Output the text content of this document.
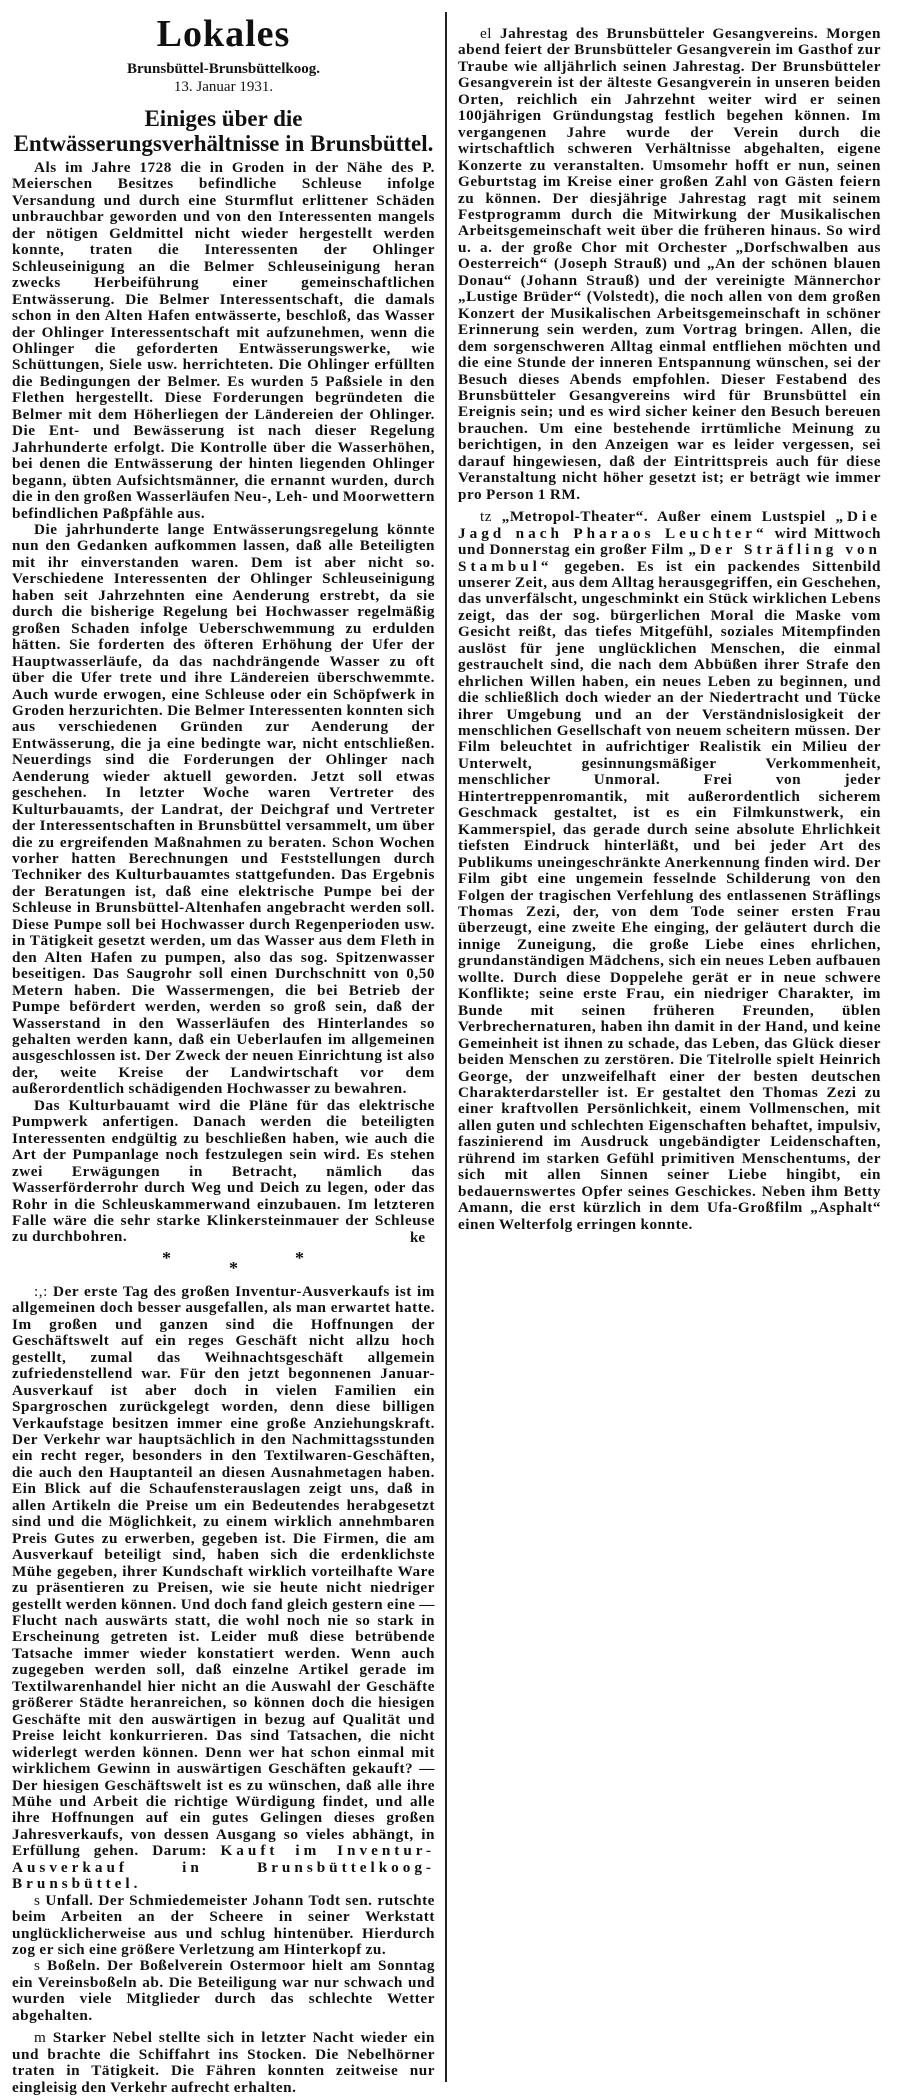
Lokales
Brunsbüttel-Brunsbüttelkoog.
13. Januar 1931.
Einiges über die Entwässerungsverhältnisse in Brunsbüttel.

Als im Jahre 1728 die in Groden in der Nähe des P. Meierschen Besitzes befindliche Schleuse infolge Versandung und durch eine Sturmflut erlittener Schäden unbrauchbar geworden und von den Interessenten mangels der nötigen Geldmittel nicht wieder hergestellt werden konnte, traten die Interessenten der Ohlinger Schleuseinigung an die Belmer Schleuseinigung heran zwecks Herbeiführung einer gemeinschaftlichen Entwässerung. Die Belmer Interessentschaft, die damals schon in den Alten Hafen entwässerte, beschloß, das Wasser der Ohlinger Interessentschaft mit aufzunehmen, wenn die Ohlinger die geforderten Entwässerungswerke, wie Schüttungen, Siele usw. herrichteten. Die Ohlinger erfüllten die Bedingungen der Belmer. Es wurden 5 Paßsiele in den Flethen hergestellt. Diese Forderungen begründeten die Belmer mit dem Höherliegen der Ländereien der Ohlinger. Die Ent- und Bewässerung ist nach dieser Regelung Jahrhunderte erfolgt. Die Kontrolle über die Wasserhöhen, bei denen die Entwässerung der hinten liegenden Ohlinger begann, übten Aufsichtsmänner, die ernannt wurden, durch die in den großen Wasserläufen Neu-, Leh- und Moorwettern befindlichen Paßpfähle aus.

Die jahrhunderte lange Entwässerungsregelung könnte nun den Gedanken aufkommen lassen, daß alle Beteiligten mit ihr einverstanden waren. Dem ist aber nicht so. Verschiedene Interessenten der Ohlinger Schleuseinigung haben seit Jahrzehnten eine Aenderung erstrebt, da sie durch die bisherige Regelung bei Hochwasser regelmäßig großen Schaden infolge Ueberschwemmung zu erdulden hätten. Sie forderten des öfteren Erhöhung der Ufer der Hauptwasserläufe, da das nachdrängende Wasser zu oft über die Ufer trete und ihre Ländereien überschwemmte. Auch wurde erwogen, eine Schleuse oder ein Schöpfwerk in Groden herzurichten. Die Belmer Interessenten konnten sich aus verschiedenen Gründen zur Aenderung der Entwässerung, die ja eine bedingte war, nicht entschließen. Neuerdings sind die Forderungen der Ohlinger nach Aenderung wieder aktuell geworden. Jetzt soll etwas geschehen. In letzter Woche waren Vertreter des Kulturbauamts, der Landrat, der Deichgraf und Vertreter der Interessentschaften in Brunsbüttel versammelt, um über die zu ergreifenden Maßnahmen zu beraten. Schon Wochen vorher hatten Berechnungen und Feststellungen durch Techniker des Kulturbauamtes stattgefunden. Das Ergebnis der Beratungen ist, daß eine elektrische Pumpe bei der Schleuse in Brunsbüttel-Altenhafen angebracht werden soll. Diese Pumpe soll bei Hochwasser durch Regenperioden usw. in Tätigkeit gesetzt werden, um das Wasser aus dem Fleth in den Alten Hafen zu pumpen, also das sog. Spitzenwasser beseitigen. Das Saugrohr soll einen Durchschnitt von 0,50 Metern haben. Die Wassermengen, die bei Betrieb der Pumpe befördert werden, werden so groß sein, daß der Wasserstand in den Wasserläufen des Hinterlandes so gehalten werden kann, daß ein Ueberlaufen im allgemeinen ausgeschlossen ist. Der Zweck der neuen Einrichtung ist also der, weite Kreise der Landwirtschaft vor dem außerordentlich schädigenden Hochwasser zu bewahren.

Das Kulturbauamt wird die Pläne für das elektrische Pumpwerk anfertigen. Danach werden die beteiligten Interessenten endgültig zu beschließen haben, wie auch die Art der Pumpanlage noch festzulegen sein wird. Es stehen zwei Erwägungen in Betracht, nämlich das Wasserförderrohr durch Weg und Deich zu legen, oder das Rohr in die Schleuskammerwand einzubauen. Im letzteren Falle wäre die sehr starke Klinkersteinmauer der Schleuse zu durchbohren.	ke
*	*	*

:,: Der erste Tag des großen Inventur-Ausverkaufs ist im allgemeinen doch besser ausgefallen, als man erwartet hatte. Im großen und ganzen sind die Hoffnungen der Geschäftswelt auf ein reges Geschäft nicht allzu hoch gestellt, zumal das Weihnachtsgeschäft allgemein zufriedenstellend war. Für den jetzt begonnenen Januar-Ausverkauf ist aber doch in vielen Familien ein Spargroschen zurückgelegt worden, denn diese billigen Verkaufstage besitzen immer eine große Anziehungskraft. Der Verkehr war hauptsächlich in den Nachmittagsstunden ein recht reger, besonders in den Textilwaren-Geschäften, die auch den Hauptanteil an diesen Ausnahmetagen haben. Ein Blick auf die Schaufensterauslagen zeigt uns, daß in allen Artikeln die Preise um ein Bedeutendes herabgesetzt sind und die Möglichkeit, zu einem wirklich annehmbaren Preis Gutes zu erwerben, gegeben ist. Die Firmen, die am Ausverkauf beteiligt sind, haben sich die erdenklichste Mühe gegeben, ihrer Kundschaft wirklich vorteilhafte Ware zu präsentieren zu Preisen, wie sie heute nicht niedriger gestellt werden können. Und doch fand gleich gestern eine — Flucht nach auswärts statt, die wohl noch nie so stark in Erscheinung getreten ist. Leider muß diese betrübende Tatsache immer wieder konstatiert werden. Wenn auch zugegeben werden soll, daß einzelne Artikel gerade im Textilwarenhandel hier nicht an die Auswahl der Geschäfte größerer Städte heranreichen, so können doch die hiesigen Geschäfte mit den auswärtigen in bezug auf Qualität und Preise leicht konkurrieren. Das sind Tatsachen, die nicht widerlegt werden können. Denn wer hat schon einmal mit wirklichem Gewinn in auswärtigen Geschäften gekauft? — Der hiesigen Geschäftswelt ist es zu wünschen, daß alle ihre Mühe und Arbeit die richtige Würdigung findet, und alle ihre Hoffnungen auf ein gutes Gelingen dieses großen Jahresverkaufs, von dessen Ausgang so vieles abhängt, in Erfüllung gehen. Darum: Kauft im Inventur-Ausverkauf in Brunsbüttelkoog-Brunsbüttel.

s Unfall. Der Schmiedemeister Johann Todt sen. rutschte beim Arbeiten an der Scheere in seiner Werkstatt unglücklicherweise aus und schlug hintenüber. Hierdurch zog er sich eine größere Verletzung am Hinterkopf zu.

s Boßeln. Der Boßelverein Ostermoor hielt am Sonntag ein Vereinsboßeln ab. Die Beteiligung war nur schwach und wurden viele Mitglieder durch das schlechte Wetter abgehalten.

m Starker Nebel stellte sich in letzter Nacht wieder ein und brachte die Schiffahrt ins Stocken. Die Nebelhörner traten in Tätigkeit. Die Fähren konnten zeitweise nur eingleisig den Verkehr aufrecht erhalten.

el Jahrestag des Brunsbütteler Gesangvereins. Morgen abend feiert der Brunsbütteler Gesangverein im Gasthof zur Traube wie alljährlich seinen Jahrestag. Der Brunsbütteler Gesangverein ist der älteste Gesangverein in unseren beiden Orten, reichlich ein Jahrzehnt weiter wird er seinen 100jährigen Gründungstag festlich begehen können. Im vergangenen Jahre wurde der Verein durch die wirtschaftlich schweren Verhältnisse abgehalten, eigene Konzerte zu veranstalten. Umsomehr hofft er nun, seinen Geburtstag im Kreise einer großen Zahl von Gästen feiern zu können. Der diesjährige Jahrestag ragt mit seinem Festprogramm durch die Mitwirkung der Musikalischen Arbeitsgemeinschaft weit über die früheren hinaus. So wird u. a. der große Chor mit Orchester „Dorfschwalben aus Oesterreich“ (Joseph Strauß) und „An der schönen blauen Donau“ (Johann Strauß) und der vereinigte Männerchor „Lustige Brüder“ (Volstedt), die noch allen von dem großen Konzert der Musikalischen Arbeitsgemeinschaft in schöner Erinnerung sein werden, zum Vortrag bringen. Allen, die dem sorgenschweren Alltag einmal entfliehen möchten und die eine Stunde der inneren Entspannung wünschen, sei der Besuch dieses Abends empfohlen. Dieser Festabend des Brunsbütteler Gesangvereins wird für Brunsbüttel ein Ereignis sein; und es wird sicher keiner den Besuch bereuen brauchen. Um eine bestehende irrtümliche Meinung zu berichtigen, in den Anzeigen war es leider vergessen, sei darauf hingewiesen, daß der Eintrittspreis auch für diese Veranstaltung nicht höher gesetzt ist; er beträgt wie immer pro Person 1 RM.

tz „Metropol-Theater“. Außer einem Lustspiel „Die Jagd nach Pharaos Leuchter“ wird Mittwoch und Donnerstag ein großer Film „Der Sträfling von Stambul“ gegeben. Es ist ein packendes Sittenbild unserer Zeit, aus dem Alltag herausgegriffen, ein Geschehen, das unverfälscht, ungeschminkt ein Stück wirklichen Lebens zeigt, das der sog. bürgerlichen Moral die Maske vom Gesicht reißt, das tiefes Mitgefühl, soziales Mitempfinden auslöst für jene unglücklichen Menschen, die einmal gestrauchelt sind, die nach dem Abbüßen ihrer Strafe den ehrlichen Willen haben, ein neues Leben zu beginnen, und die schließlich doch wieder an der Niedertracht und Tücke ihrer Umgebung und an der Verständnislosigkeit der menschlichen Gesellschaft von neuem scheitern müssen. Der Film beleuchtet in aufrichtiger Realistik ein Milieu der Unterwelt, gesinnungsmäßiger Verkommenheit, menschlicher Unmoral. Frei von jeder Hintertreppenromantik, mit außerordentlich sicherem Geschmack gestaltet, ist es ein Filmkunstwerk, ein Kammerspiel, das gerade durch seine absolute Ehrlichkeit tiefsten Eindruck hinterläßt, und bei jeder Art des Publikums uneingeschränkte Anerkennung finden wird. Der Film gibt eine ungemein fesselnde Schilderung von den Folgen der tragischen Verfehlung des entlassenen Sträflings Thomas Zezi, der, von dem Tode seiner ersten Frau überzeugt, eine zweite Ehe einging, der geläutert durch die innige Zuneigung, die große Liebe eines ehrlichen, grundanständigen Mädchens, sich ein neues Leben aufbauen wollte. Durch diese Doppelehe gerät er in neue schwere Konflikte; seine erste Frau, ein niedriger Charakter, im Bunde mit seinen früheren Freunden, üblen Verbrechernaturen, haben ihn damit in der Hand, und keine Gemeinheit ist ihnen zu schade, das Leben, das Glück dieser beiden Menschen zu zerstören. Die Titelrolle spielt Heinrich George, der unzweifelhaft einer der besten deutschen Charakterdarsteller ist. Er gestaltet den Thomas Zezi zu einer kraftvollen Persönlichkeit, einem Vollmenschen, mit allen guten und schlechten Eigenschaften behaftet, impulsiv, faszinierend im Ausdruck ungebändigter Leidenschaften, rührend im starken Gefühl primitiven Menschentums, der sich mit allen Sinnen seiner Liebe hingibt, ein bedauernswertes Opfer seines Geschickes. Neben ihm Betty Amann, die erst kürzlich in dem Ufa-Großfilm „Asphalt“ einen Welterfolg erringen konnte.
